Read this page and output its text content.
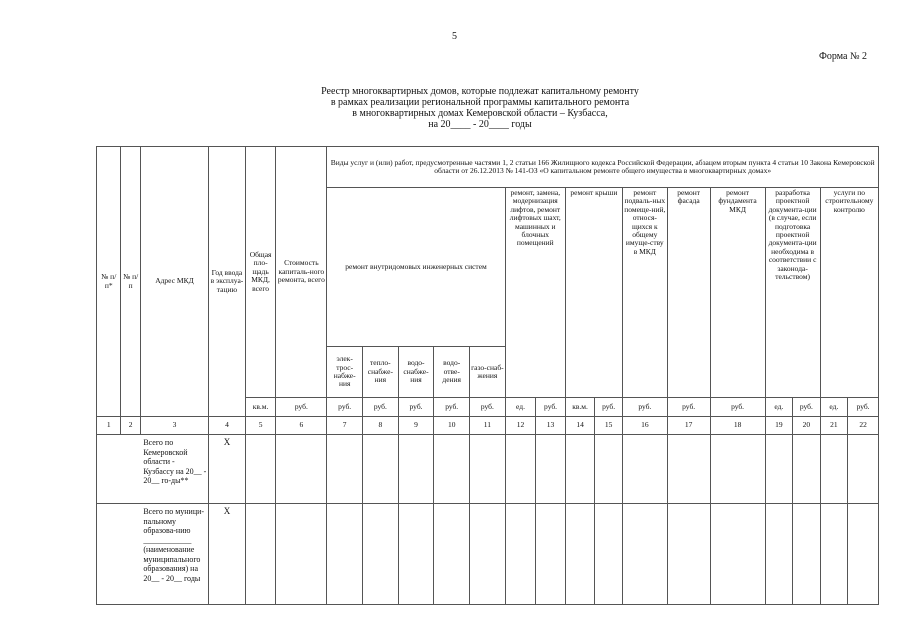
5
Форма № 2
Реестр многоквартирных домов, которые подлежат капитальному ремонту
в рамках реализации региональной программы капитального ремонта
в многоквартирных домах Кемеровской области – Кузбасса,
на 20____ - 20____ годы
№ п/п*	№ п/п	Адрес МКД	Год ввода в эксплуа-тацию	Общая пло-щадь МКД, всего	Стоимость капиталь-ного ремонта, всего	Виды услуг и (или) работ, предусмотренные частями 1, 2 статьи 166 Жилищного кодекса Российской Федерации, абзацем вторым пункта 4 статьи 10 Закона Кемеровской области от 26.12.2013 № 141-ОЗ «О капитальном ремонте общего имущества в многоквартирных домах»															
						ремонт внутридомовых инженерных систем					ремонт, замена, модернизация лифтов, ремонт лифтовых шахт, машинных и блочных помещений		ремонт крыши		ремонт подваль-ных помеще-ний, относя-щихся к общему имуще-ству в МКД	ремонт фасада	ремонт фундамента МКД	разработка проектной документа-ции (в случае, если подготовка проектной документа-ции необходима в соответствии с законода-тельством)		услуги по строительному контролю	
						элек-трос-набже-ния	тепло-снабже-ния	водо-снабже-ния	водо-отве-дения	газо-снаб-жения											
				кв.м.	руб.	руб.	руб.	руб.	руб.	руб.	ед.	руб.	кв.м.	руб.	руб.	руб.	руб.	ед.	руб.	ед.	руб.
1	2	3	4	5	6	7	8	9	10	11	12	13	14	15	16	17	18	19	20	21	22
		Всего по Кемеровской области - Кузбассу на 20__ - 20__ го-ды**	X																		
		Всего по муници-пальному образова-нию ____________ (наименование муниципального образования) на 20__ - 20__ годы	X																		
